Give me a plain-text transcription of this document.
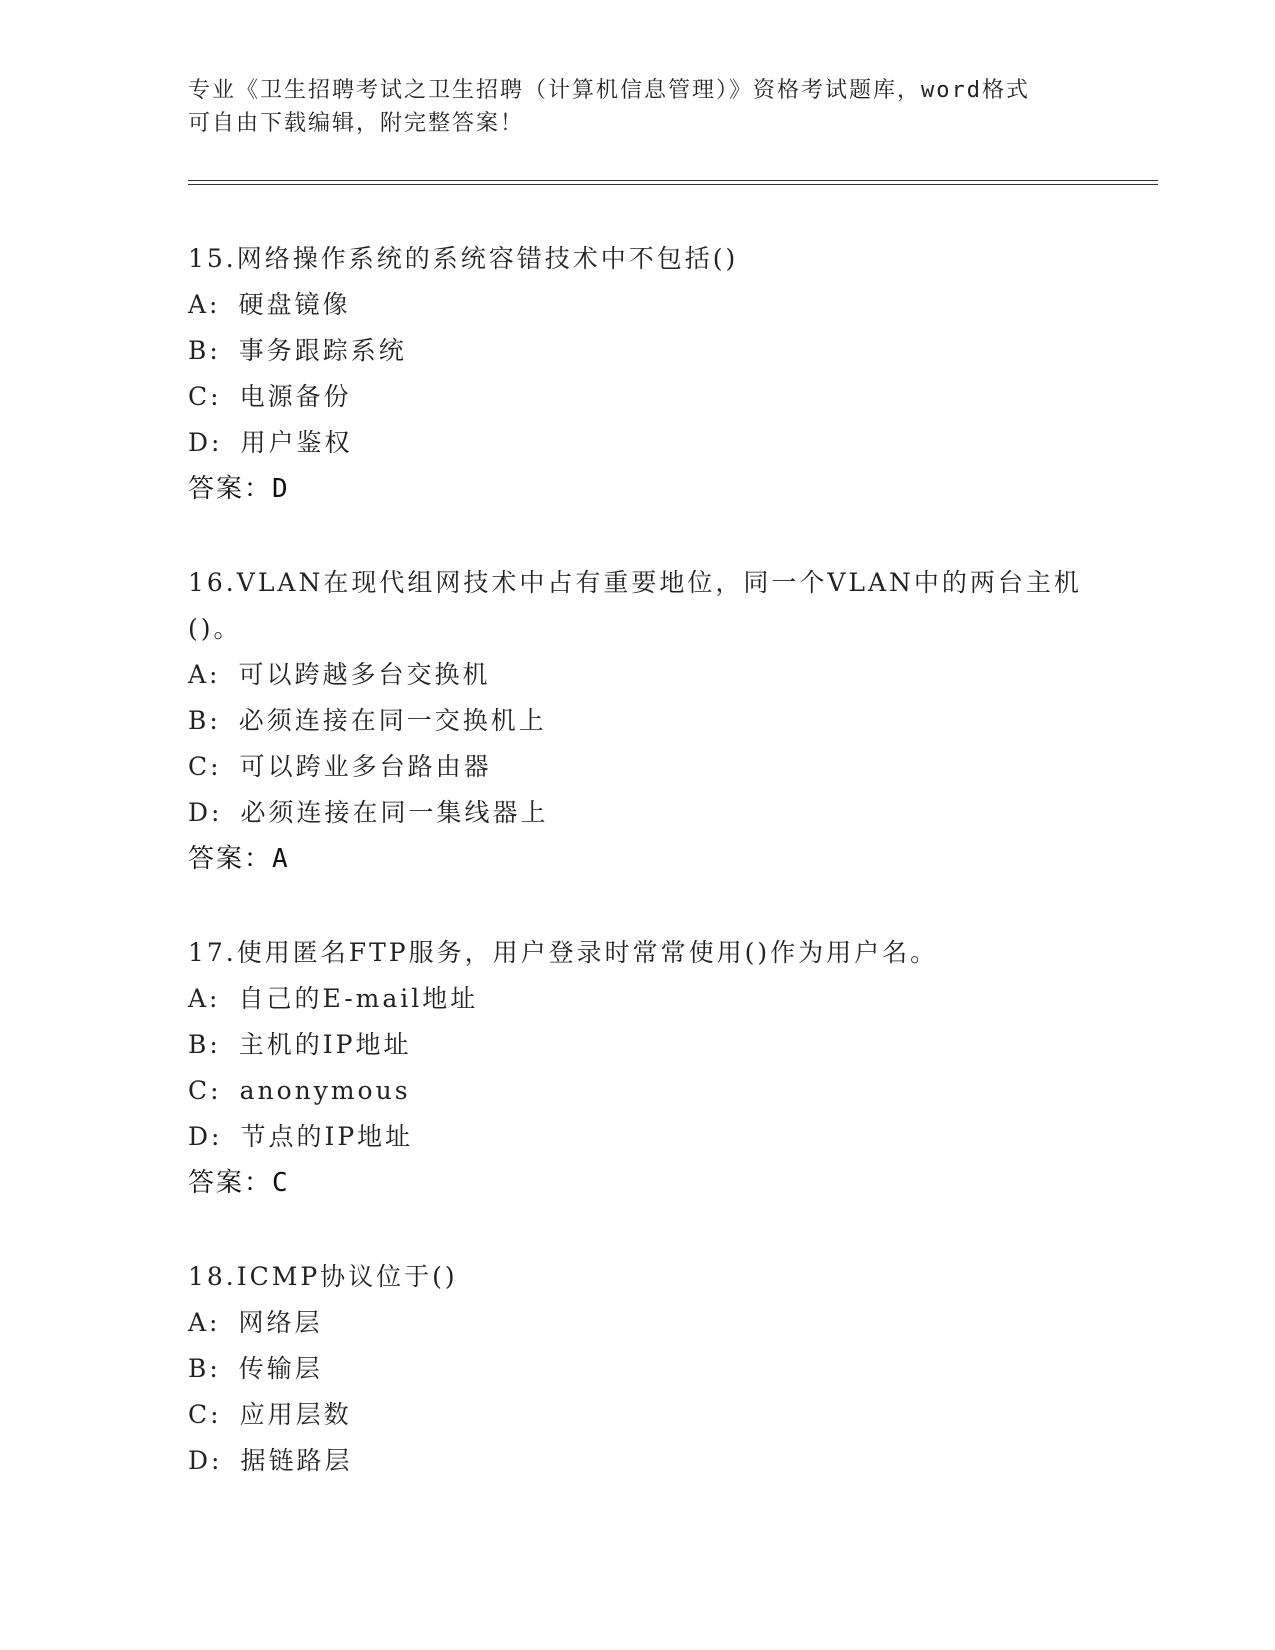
专业《卫生招聘考试之卫生招聘（计算机信息管理）》资格考试题库，word格式
可自由下载编辑，附完整答案！
15.网络操作系统的系统容错技术中不包括()
A: 硬盘镜像
B: 事务跟踪系统
C: 电源备份
D: 用户鉴权
答案：D
16.VLAN在现代组网技术中占有重要地位，同一个VLAN中的两台主机
()。
A: 可以跨越多台交换机
B: 必须连接在同一交换机上
C: 可以跨业多台路由器
D: 必须连接在同一集线器上
答案：A
17.使用匿名FTP服务，用户登录时常常使用()作为用户名。
A: 自己的E-mail地址
B: 主机的IP地址
C: anonymous
D: 节点的IP地址
答案：C
18.ICMP协议位于()
A: 网络层
B: 传输层
C: 应用层数
D: 据链路层
